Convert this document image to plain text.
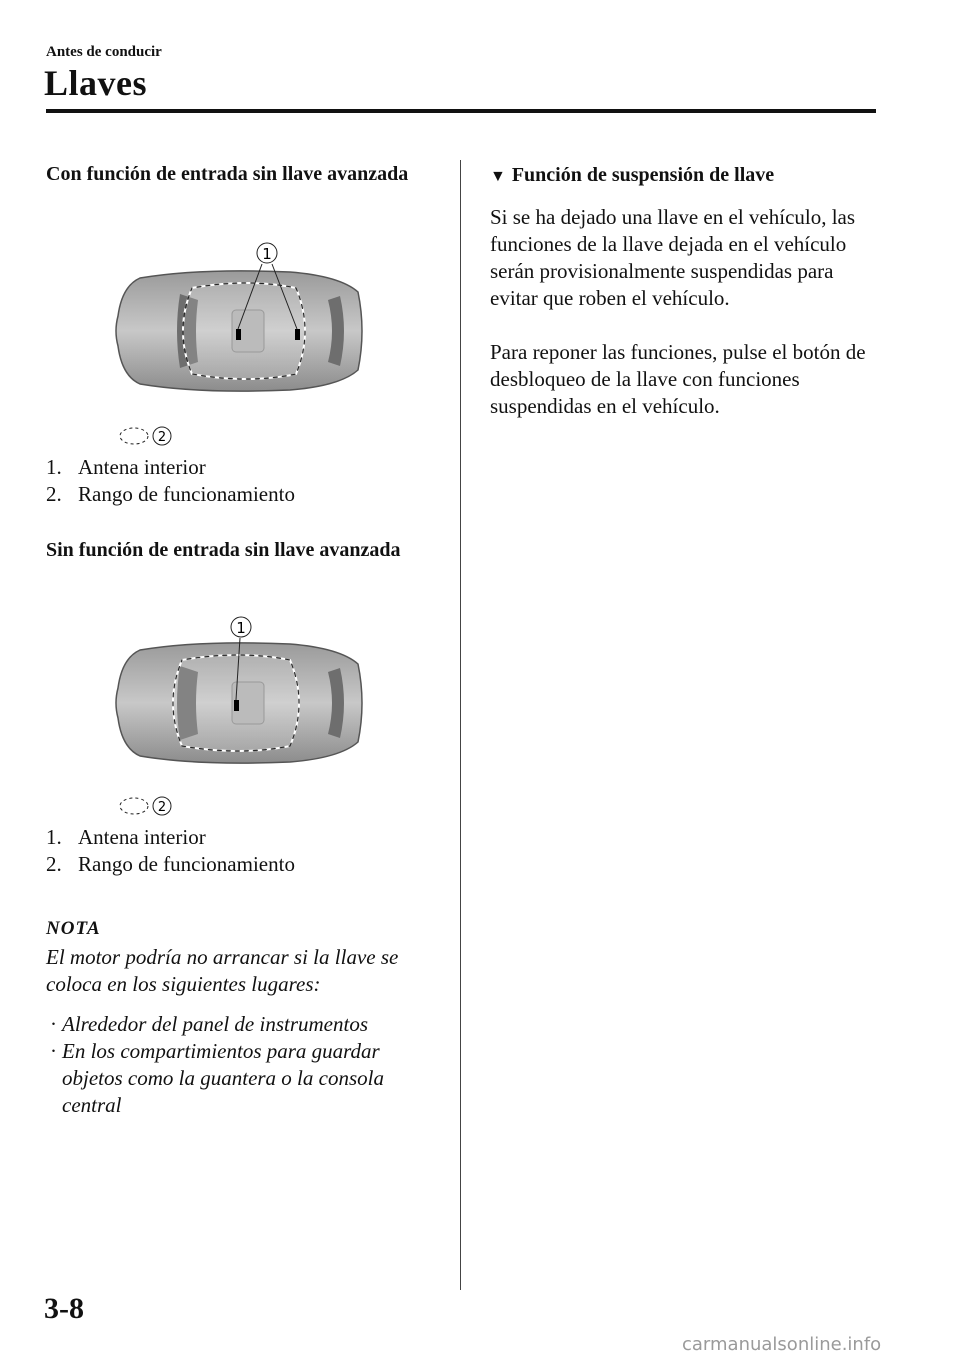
Antes de conducir
Llaves
Con función de entrada sin llave avanzada
1
2
1. Antena interior
2. Rango de funcionamiento
Sin función de entrada sin llave avanzada
1
2
1. Antena interior
2. Rango de funcionamiento
NOTA
El motor podría no arrancar si la llave se coloca en los siguientes lugares:
· Alrededor del panel de instrumentos
· En los compartimientos para guardar objetos como la guantera o la consola central
▼ Función de suspensión de llave
Si se ha dejado una llave en el vehículo, las funciones de la llave dejada en el vehículo serán provisionalmente suspendidas para evitar que roben el vehículo.
Para reponer las funciones, pulse el botón de desbloqueo de la llave con funciones suspendidas en el vehículo.
3-8
carmanualsonline.info
